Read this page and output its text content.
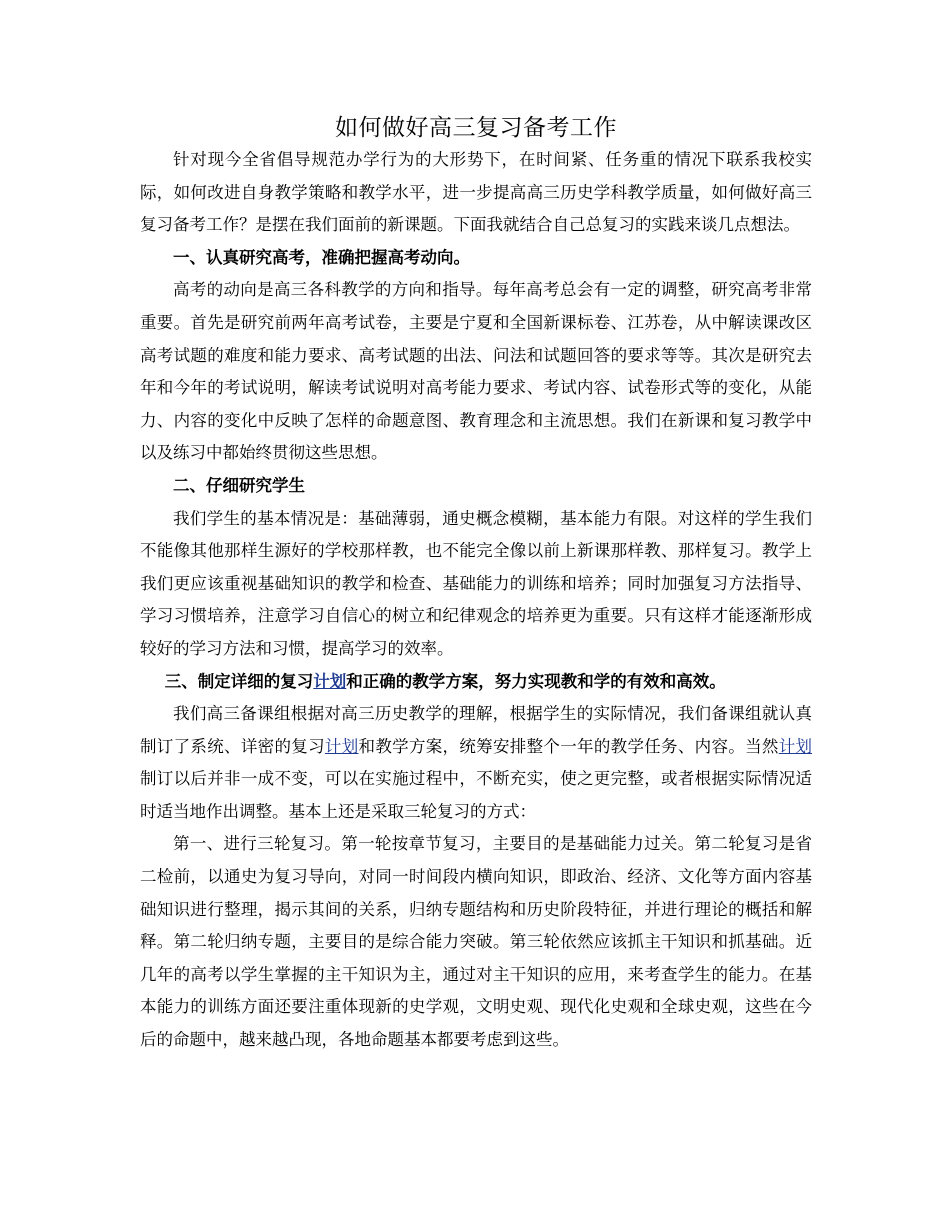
如何做好高三复习备考工作

针对现今全省倡导规范办学行为的大形势下，在时间紧、任务重的情况下联系我校实际，如何改进自身教学策略和教学水平，进一步提高高三历史学科教学质量，如何做好高三复习备考工作？是摆在我们面前的新课题。下面我就结合自己总复习的实践来谈几点想法。

一、认真研究高考，准确把握高考动向。

高考的动向是高三各科教学的方向和指导。每年高考总会有一定的调整，研究高考非常重要。首先是研究前两年高考试卷，主要是宁夏和全国新课标卷、江苏卷，从中解读课改区高考试题的难度和能力要求、高考试题的出法、问法和试题回答的要求等等。其次是研究去年和今年的考试说明，解读考试说明对高考能力要求、考试内容、试卷形式等的变化，从能力、内容的变化中反映了怎样的命题意图、教育理念和主流思想。我们在新课和复习教学中以及练习中都始终贯彻这些思想。

二、仔细研究学生

我们学生的基本情况是：基础薄弱，通史概念模糊，基本能力有限。对这样的学生我们不能像其他那样生源好的学校那样教，也不能完全像以前上新课那样教、那样复习。教学上我们更应该重视基础知识的教学和检查、基础能力的训练和培养；同时加强复习方法指导、学习习惯培养，注意学习自信心的树立和纪律观念的培养更为重要。只有这样才能逐渐形成较好的学习方法和习惯，提高学习的效率。

三、制定详细的复习计划和正确的教学方案，努力实现教和学的有效和高效。

我们高三备课组根据对高三历史教学的理解，根据学生的实际情况，我们备课组就认真制订了系统、详密的复习计划和教学方案，统筹安排整个一年的教学任务、内容。当然计划制订以后并非一成不变，可以在实施过程中，不断充实，使之更完整，或者根据实际情况适时适当地作出调整。基本上还是采取三轮复习的方式：

第一、进行三轮复习。第一轮按章节复习，主要目的是基础能力过关。第二轮复习是省二检前，以通史为复习导向，对同一时间段内横向知识，即政治、经济、文化等方面内容基础知识进行整理，揭示其间的关系，归纳专题结构和历史阶段特征，并进行理论的概括和解释。第二轮归纳专题，主要目的是综合能力突破。第三轮依然应该抓主干知识和抓基础。近几年的高考以学生掌握的主干知识为主，通过对主干知识的应用，来考查学生的能力。在基本能力的训练方面还要注重体现新的史学观，文明史观、现代化史观和全球史观，这些在今后的命题中，越来越凸现，各地命题基本都要考虑到这些。
